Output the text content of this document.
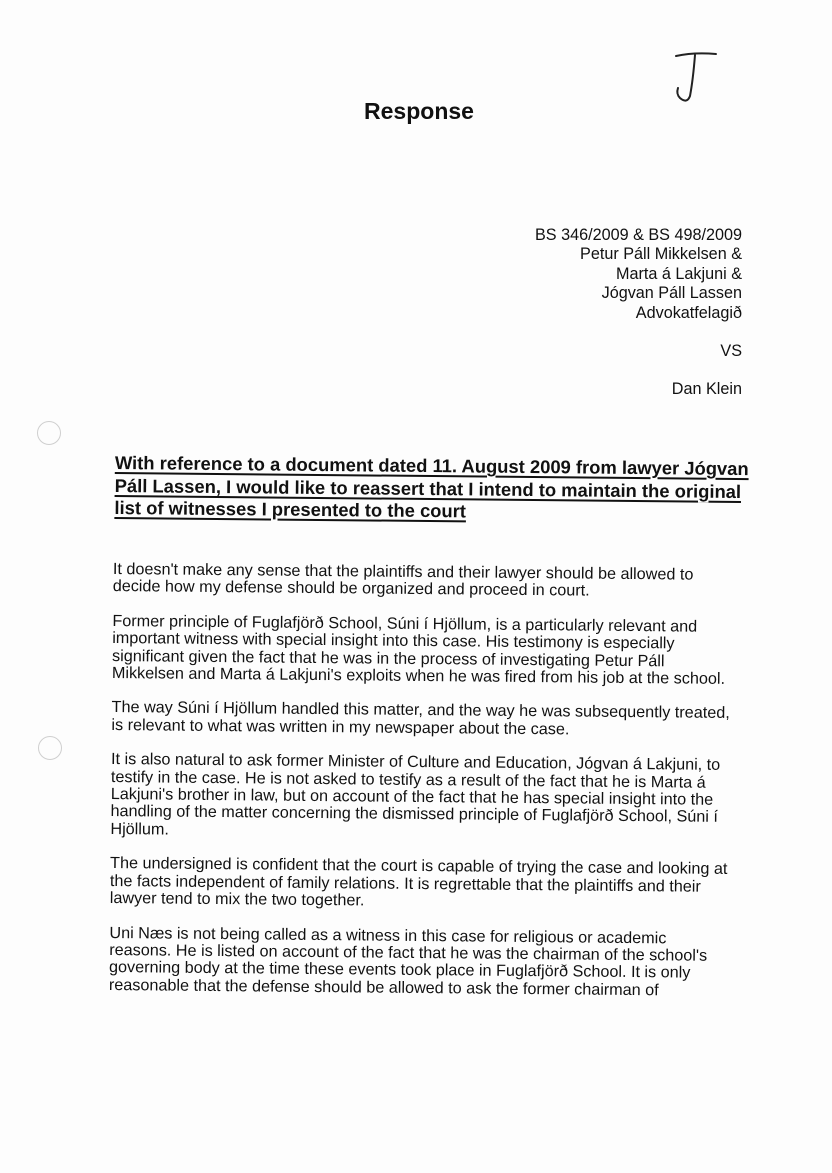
Response
BS 346/2009 & BS 498/2009
Petur Páll Mikkelsen &
Marta á Lakjuni &
Jógvan Páll Lassen
Advokatfelagið
VS
Dan Klein
With reference to a document dated 11. August 2009 from lawyer Jógvan Páll Lassen, I would like to reassert that I intend to maintain the original list of witnesses I presented to the court

It doesn't make any sense that the plaintiffs and their lawyer should be allowed to decide how my defense should be organized and proceed in court.

Former principle of Fuglafjörð School, Súni í Hjöllum, is a particularly relevant and important witness with special insight into this case. His testimony is especially significant given the fact that he was in the process of investigating Petur Páll Mikkelsen and Marta á Lakjuni's exploits when he was fired from his job at the school.

The way Súni í Hjöllum handled this matter, and the way he was subsequently treated, is relevant to what was written in my newspaper about the case.

It is also natural to ask former Minister of Culture and Education, Jógvan á Lakjuni, to testify in the case. He is not asked to testify as a result of the fact that he is Marta á Lakjuni's brother in law, but on account of the fact that he has special insight into the handling of the matter concerning the dismissed principle of Fuglafjörð School, Súni í Hjöllum.

The undersigned is confident that the court is capable of trying the case and looking at the facts independent of family relations. It is regrettable that the plaintiffs and their lawyer tend to mix the two together.

Uni Næs is not being called as a witness in this case for religious or academic reasons. He is listed on account of the fact that he was the chairman of the school's governing body at the time these events took place in Fuglafjörð School. It is only reasonable that the defense should be allowed to ask the former chairman of
